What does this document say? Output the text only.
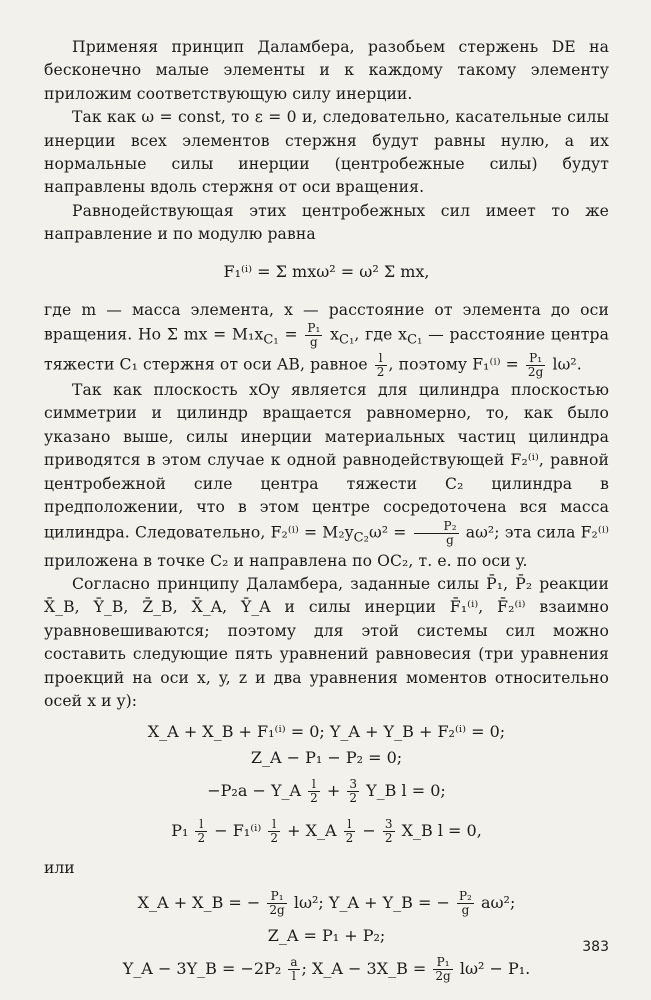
Применяя принцип Даламбера, разобьем стержень DE на бесконечно малые элементы и к каждому такому элементу приложим соответствующую силу инерции.

Так как ω = const, то ε = 0 и, следовательно, касательные силы инерции всех элементов стержня будут равны нулю, а их нормальные силы инерции (центробежные силы) будут направлены вдоль стержня от оси вращения.

Равнодействующая этих центробежных сил имеет то же направление и по модулю равна

F₁⁽ⁱ⁾ = Σ mxω² = ω² Σ mx,

где m — масса элемента, x — расстояние от элемента до оси вращения. Но Σ mx = $M_1x_{C_1} = \frac{\text{P₁}}{g} x_{C_1}$, где $x_{C_1}$ — расстояние центра тяжести C₁ стержня от оси AB, равное $\frac{l}{2}$ , поэтому $F_1^{(i)} = \frac{\text{P₁}}{2g} l\omega^2$.

Так как плоскость xOy является для цилиндра плоскостью симметрии и цилиндр вращается равномерно, то, как было указано выше, силы инерции материальных частиц цилиндра приводятся в этом случае к одной равнодействующей F₂⁽ⁱ⁾, равной центробежной силе центра тяжести C₂ цилиндра в предположении, что в этом центре сосредоточена вся масса цилиндра. Следовательно, $F_2^{(i)} = M_2y_{C_2}\omega^2 = \frac{\text{P₂}}{g} a\omega^2$; эта сила F₂⁽ⁱ⁾ приложена в точке C₂ и направлена по OC₂, т. е. по оси y.

Согласно принципу Даламбера, заданные силы P̄₁, P̄₂ реакции X̄_B, Ȳ_B, Z̄_B, X̄_A, Ȳ_A и силы инерции F̄₁⁽ⁱ⁾, F̄₂⁽ⁱ⁾ взаимно уравновешиваются; поэтому для этой системы сил можно составить следующие пять уравнений равновесия (три уравнения проекций на оси x, y, z и два уравнения моментов относительно осей x и y):

X_A + X_B + F₁⁽ⁱ⁾ = 0; Y_A + Y_B + F₂⁽ⁱ⁾ = 0;
Z_A − P₁ − P₂ = 0;
−P₂a − Y_A $\frac{l}{2} + \frac{3}{2}$ Y_B l = 0;
$P_1 \frac{l}{2} - F_1^{(i)} \frac{l}{2}$ + X_A $\frac{l}{2} - \frac{3}{2}$ X_B l = 0,
или
X_A + X_B = − $\frac{\text{P₁}}{2g} l\omega^2$; Y_A + Y_B = − $\frac{\text{P₂}}{g} a\omega^2$;
Z_A = P₁ + P₂;
Y_A − 3Y_B = $-2P_2 \frac{a}{l}$ ; X_A − 3X_B = $\frac{\text{P₁}}{2g} l\omega^2 - P_1$.
383
